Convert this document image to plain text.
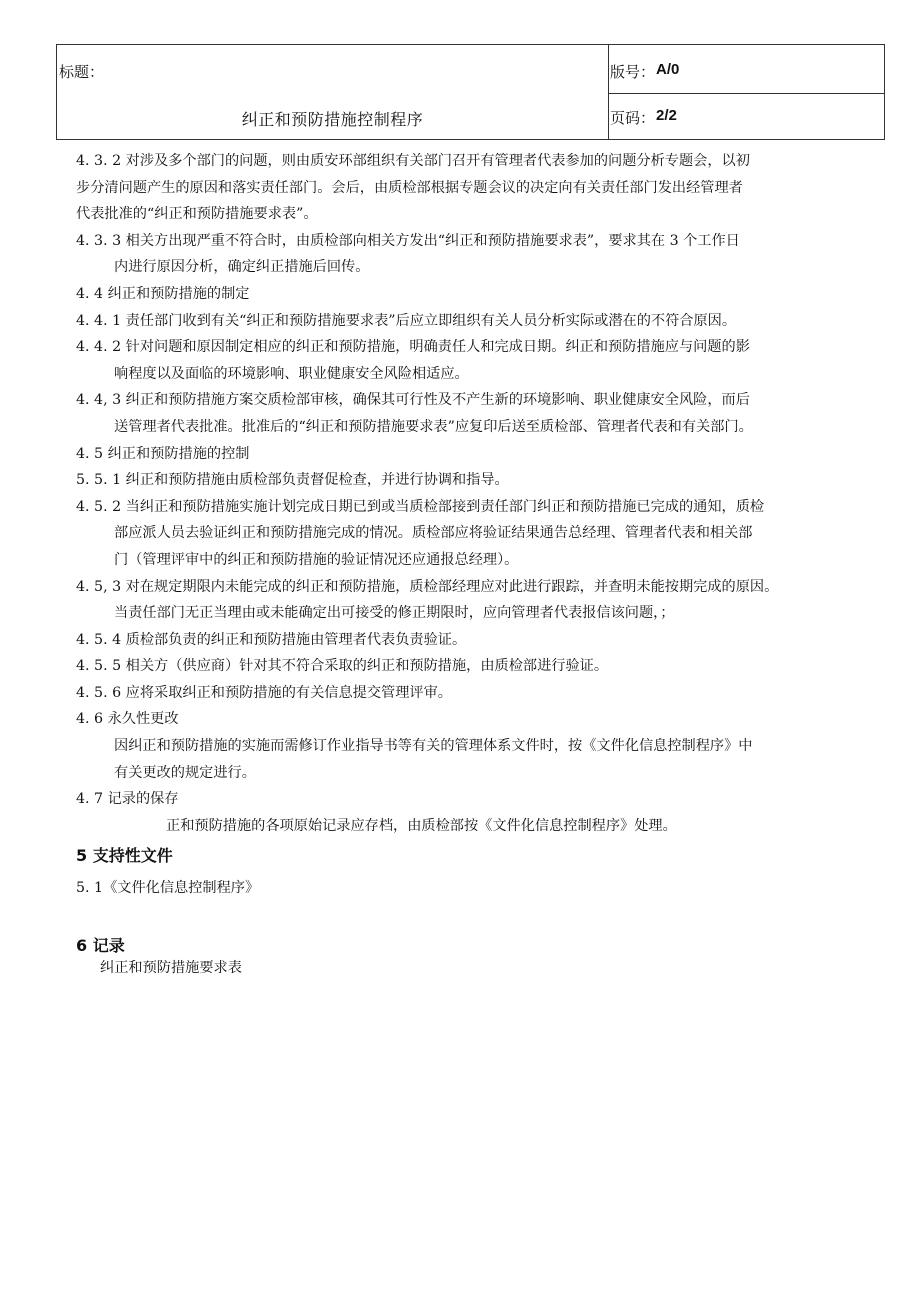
标题：
纠正和预防措施控制程序
版号： A/0
页码： 2/2
4. 3. 2 对涉及多个部门的问题，则由质安环部组织有关部门召开有管理者代表参加的问题分析专题会，以初
步分清问题产生的原因和落实责任部门。会后，由质检部根据专题会议的决定向有关责任部门发出经管理者
代表批准的“纠正和预防措施要求表”。
4. 3. 3 相关方出现严重不符合时，由质检部向相关方发出“纠正和预防措施要求表”，要求其在 3 个工作日
内进行原因分析，确定纠正措施后回传。
4. 4 纠正和预防措施的制定
4. 4. 1 责任部门收到有关“纠正和预防措施要求表”后应立即组织有关人员分析实际或潜在的不符合原因。
4. 4. 2 针对问题和原因制定相应的纠正和预防措施，明确责任人和完成日期。纠正和预防措施应与问题的影
响程度以及面临的环境影响、职业健康安全风险相适应。
4. 4, 3 纠正和预防措施方案交质检部审核，确保其可行性及不产生新的环境影响、职业健康安全风险，而后
送管理者代表批准。批准后的“纠正和预防措施要求表”应复印后送至质检部、管理者代表和有关部门。
4. 5 纠正和预防措施的控制
5. 5. 1 纠正和预防措施由质检部负责督促检查，并进行协调和指导。
4. 5. 2 当纠正和预防措施实施计划完成日期已到或当质检部接到责任部门纠正和预防措施已完成的通知，质检
部应派人员去验证纠正和预防措施完成的情况。质检部应将验证结果通告总经理、管理者代表和相关部
门（管理评审中的纠正和预防措施的验证情况还应通报总经理）。
4. 5, 3 对在规定期限内未能完成的纠正和预防措施，质检部经理应对此进行跟踪，并查明未能按期完成的原因。
当责任部门无正当理由或未能确定出可接受的修正期限时，应向管理者代表报信该问题，；
4. 5. 4 质检部负责的纠正和预防措施由管理者代表负责验证。
4. 5. 5 相关方（供应商）针对其不符合采取的纠正和预防措施，由质检部进行验证。
4. 5. 6 应将采取纠正和预防措施的有关信息提交管理评审。
4. 6 永久性更改
因纠正和预防措施的实施而需修订作业指导书等有关的管理体系文件时，按《文件化信息控制程序》中
有关更改的规定进行。
4. 7 记录的保存
正和预防措施的各项原始记录应存档，由质检部按《文件化信息控制程序》处理。
5 支持性文件
5. 1《文件化信息控制程序》
6 记录
纠正和预防措施要求表
